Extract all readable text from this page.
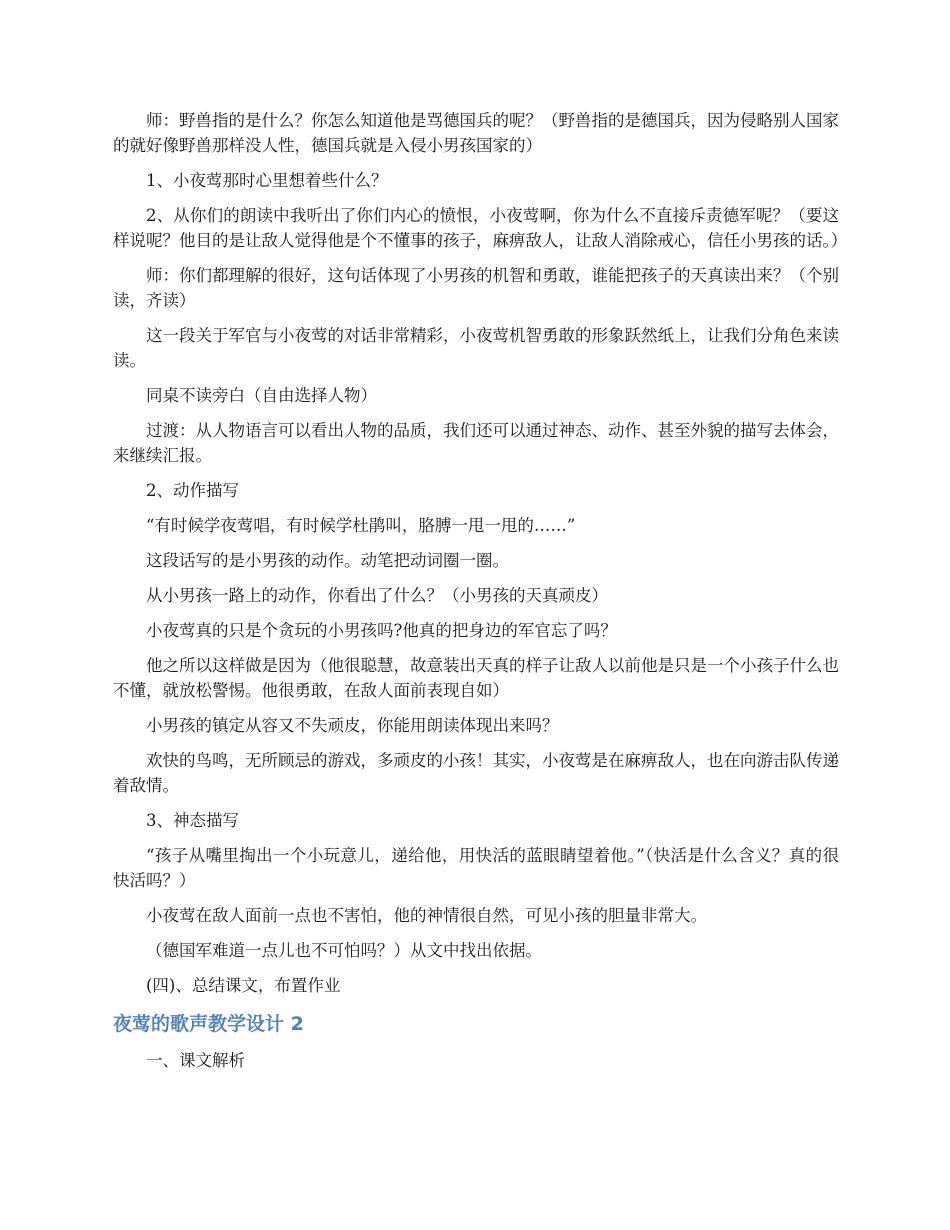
师：野兽指的是什么？你怎么知道他是骂德国兵的呢？（野兽指的是德国兵，因为侵略别人国家的就好像野兽那样没人性，德国兵就是入侵小男孩国家的）

1、小夜莺那时心里想着些什么？

2、从你们的朗读中我听出了你们内心的愤恨，小夜莺啊，你为什么不直接斥责德军呢？（要这样说呢？他目的是让敌人觉得他是个不懂事的孩子，麻痹敌人，让敌人消除戒心，信任小男孩的话。）

师：你们都理解的很好，这句话体现了小男孩的机智和勇敢，谁能把孩子的天真读出来？（个别读，齐读）

这一段关于军官与小夜莺的对话非常精彩，小夜莺机智勇敢的形象跃然纸上，让我们分角色来读读。

同桌不读旁白（自由选择人物）

过渡：从人物语言可以看出人物的品质，我们还可以通过神态、动作、甚至外貌的描写去体会，来继续汇报。

2、动作描写

“有时候学夜莺唱，有时候学杜鹃叫，胳膊一甩一甩的……”

这段话写的是小男孩的动作。动笔把动词圈一圈。

从小男孩一路上的动作，你看出了什么？（小男孩的天真顽皮）

小夜莺真的只是个贪玩的小男孩吗?他真的把身边的军官忘了吗？

他之所以这样做是因为（他很聪慧，故意装出天真的样子让敌人以前他是只是一个小孩子什么也不懂，就放松警惕。他很勇敢，在敌人面前表现自如）

小男孩的镇定从容又不失顽皮，你能用朗读体现出来吗？

欢快的鸟鸣，无所顾忌的游戏，多顽皮的小孩！其实，小夜莺是在麻痹敌人，也在向游击队传递着敌情。

3、神态描写

“孩子从嘴里掏出一个小玩意儿，递给他，用快活的蓝眼睛望着他。”（快活是什么含义？真的很快活吗？）

小夜莺在敌人面前一点也不害怕，他的神情很自然，可见小孩的胆量非常大。

（德国军难道一点儿也不可怕吗？）从文中找出依据。

(四)、总结课文，布置作业

夜莺的歌声教学设计 2

一、课文解析
